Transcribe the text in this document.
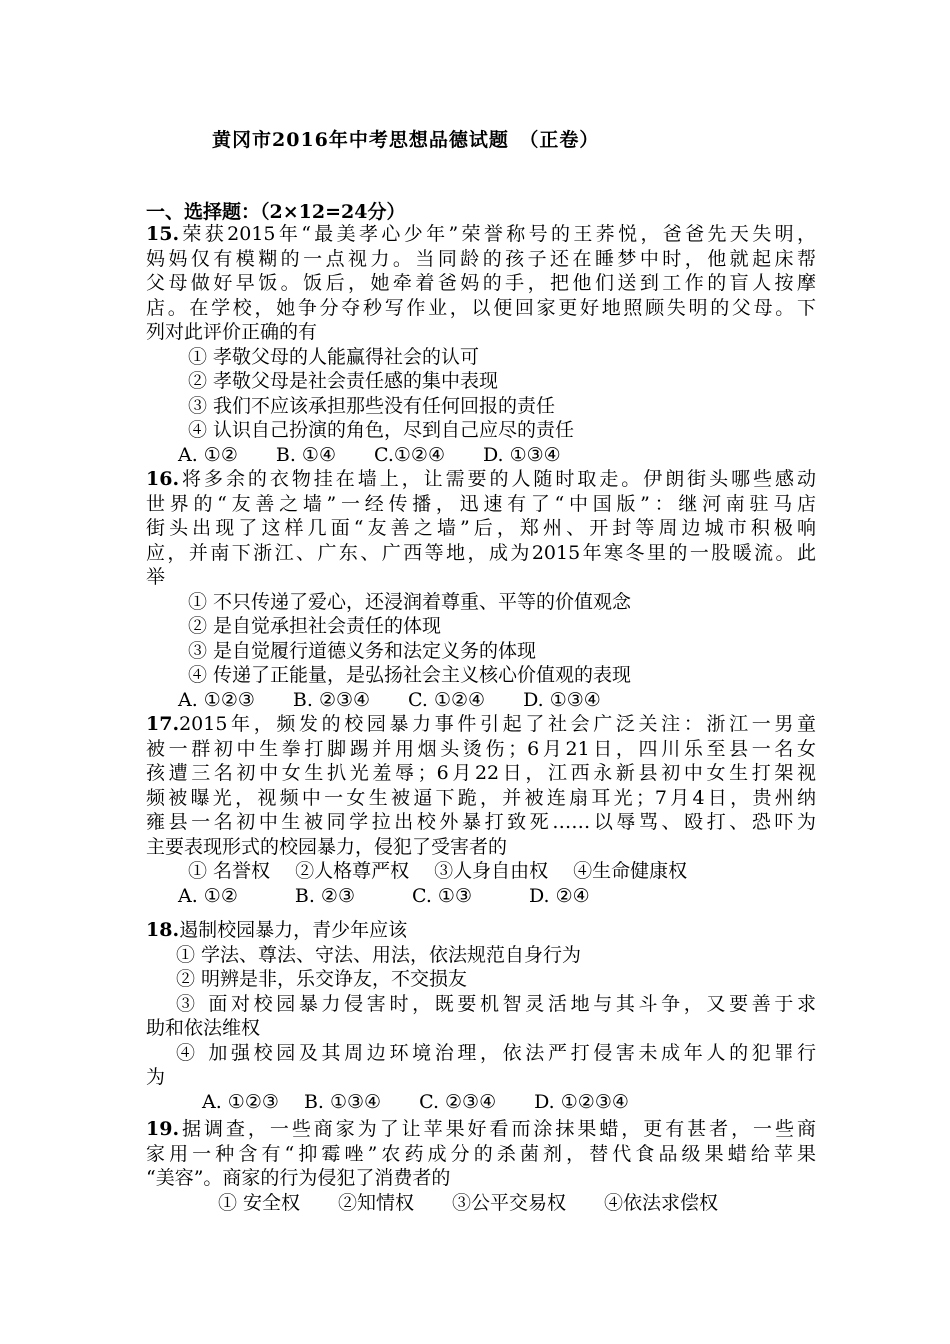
黄冈市2016年中考思想品德试题　（正卷）
一、选择题：（2×12=24分）
15.荣获2015年“最美孝心少年”荣誉称号的王荞悦，爸爸先天失明，
妈妈仅有模糊的一点视力。当同龄的孩子还在睡梦中时，他就起床帮
父母做好早饭。饭后，她牵着爸妈的手，把他们送到工作的盲人按摩
店。在学校，她争分夺秒写作业，以便回家更好地照顾失明的父母。下
列对此评价正确的有
① 孝敬父母的人能赢得社会的认可
② 孝敬父母是社会责任感的集中表现
③ 我们不应该承担那些没有任何回报的责任
④ 认识自己扮演的角色，尽到自己应尽的责任
A. ①②　　B. ①④　　C.①②④　　D. ①③④
16.将多余的衣物挂在墙上，让需要的人随时取走。伊朗街头哪些感动
世界的“友善之墙”一经传播，迅速有了“中国版”：继河南驻马店
街头出现了这样几面“友善之墙”后，郑州、开封等周边城市积极响
应，并南下浙江、广东、广西等地，成为2015年寒冬里的一股暖流。此
举
① 不只传递了爱心，还浸润着尊重、平等的价值观念
② 是自觉承担社会责任的体现
③ 是自觉履行道德义务和法定义务的体现
④ 传递了正能量，是弘扬社会主义核心价值观的表现
A. ①②③　　B. ②③④　　C. ①②④　　D. ①③④
17.2015年，频发的校园暴力事件引起了社会广泛关注：浙江一男童
被一群初中生拳打脚踢并用烟头烫伤；6月21日，四川乐至县一名女
孩遭三名初中女生扒光羞辱；6月22日，江西永新县初中女生打架视
频被曝光，视频中一女生被逼下跪，并被连扇耳光；7月4日，贵州纳
雍县一名初中生被同学拉出校外暴打致死……以辱骂、殴打、恐吓为
主要表现形式的校园暴力，侵犯了受害者的
① 名誉权　 ②人格尊严权　 ③人身自由权　 ④生命健康权
A. ①②　　　B. ②③　　　C. ①③　　　D. ②④
18.遏制校园暴力，青少年应该
① 学法、尊法、守法、用法，依法规范自身行为
② 明辨是非，乐交诤友，不交损友
③ 面对校园暴力侵害时，既要机智灵活地与其斗争，又要善于求
助和依法维权
④ 加强校园及其周边环境治理，依法严打侵害未成年人的犯罪行
为
A. ①②③　 B. ①③④　　C. ②③④　　D. ①②③④
19.据调查，一些商家为了让苹果好看而涂抹果蜡，更有甚者，一些商
家用一种含有“抑霉唑”农药成分的杀菌剂，替代食品级果蜡给苹果
“美容”。商家的行为侵犯了消费者的
① 安全权　　②知情权　　③公平交易权　　④依法求偿权
